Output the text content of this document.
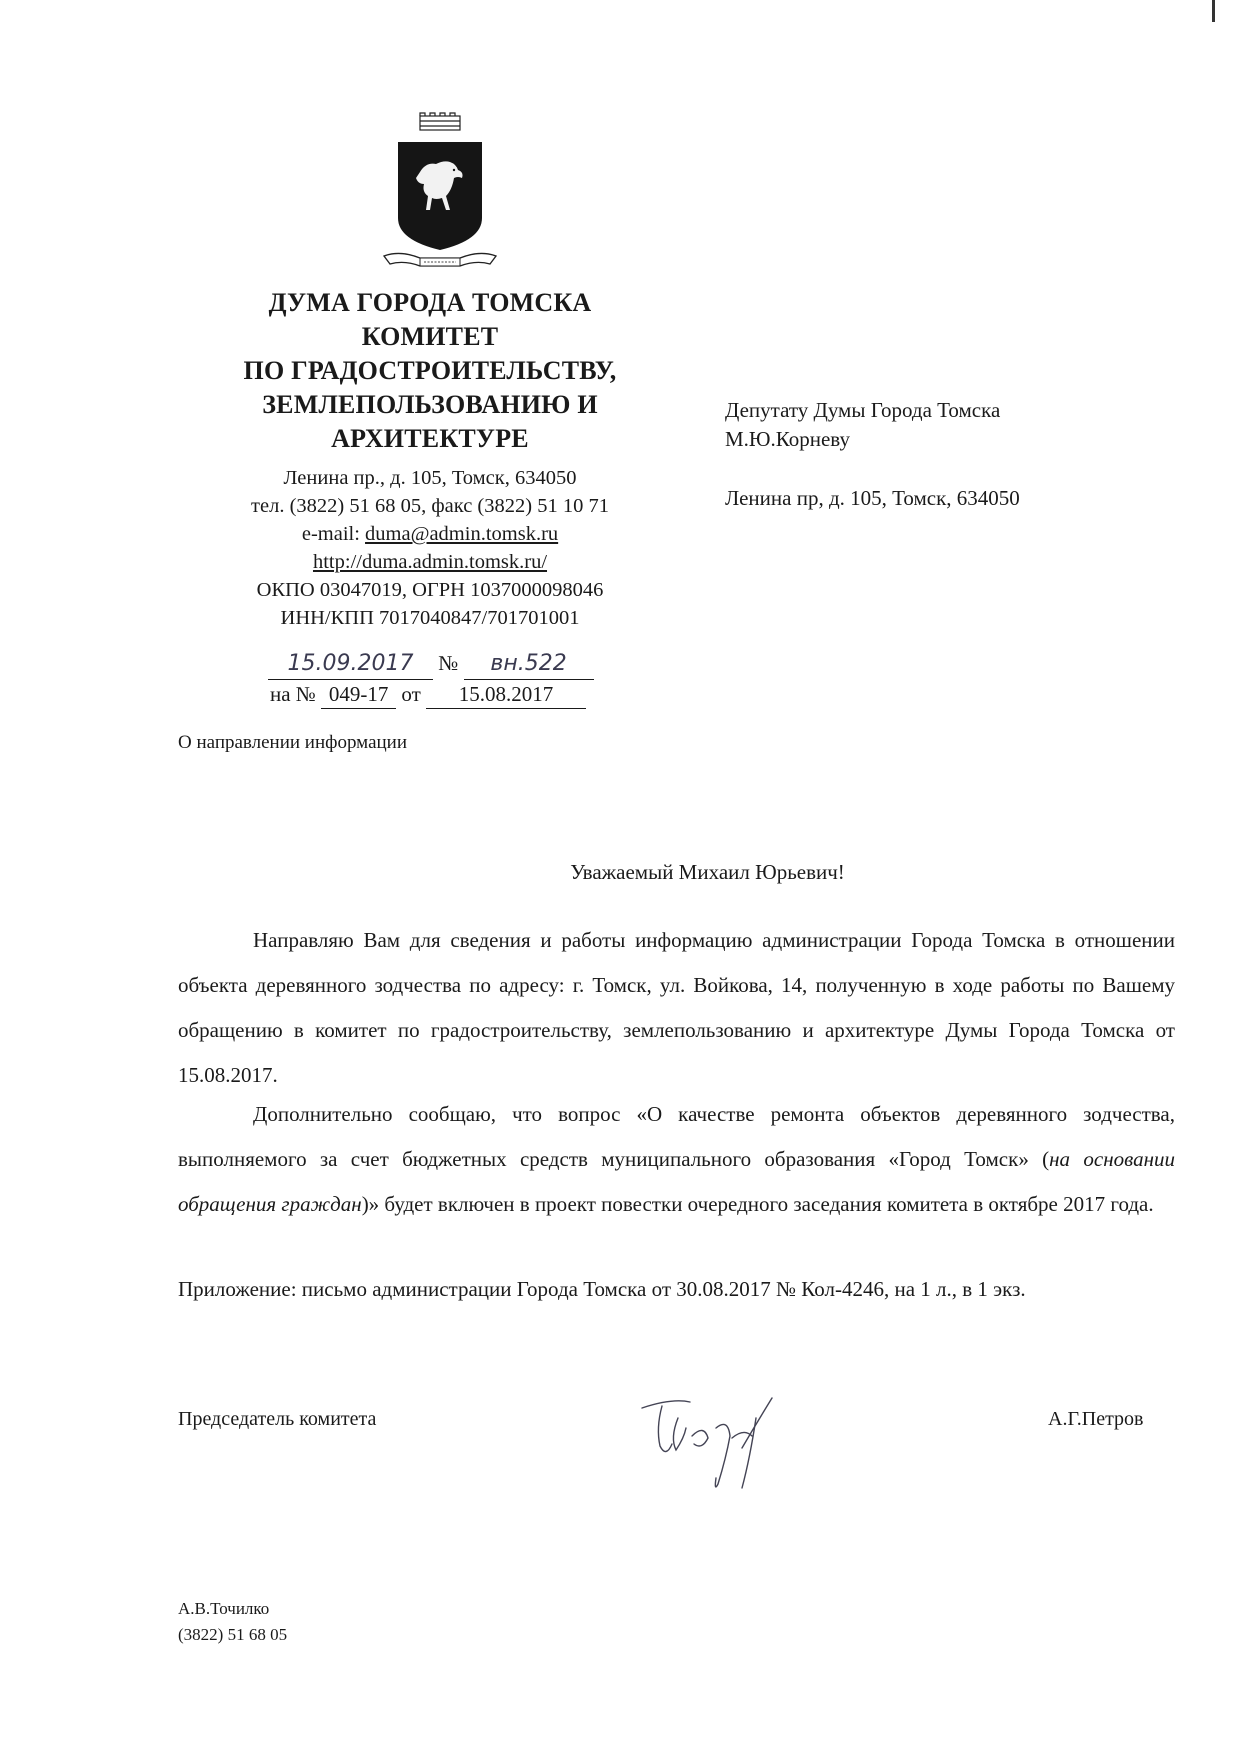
ДУМА ГОРОДА ТОМСКА
КОМИТЕТ
ПО ГРАДОСТРОИТЕЛЬСТВУ,
ЗЕМЛЕПОЛЬЗОВАНИЮ И
АРХИТЕКТУРЕ
Ленина пр., д. 105, Томск, 634050
тел. (3822) 51 68 05, факс (3822) 51 10 71
e-mail: duma@admin.tomsk.ru
http://duma.admin.tomsk.ru/
ОКПО 03047019, ОГРН 1037000098046
ИНН/КПП 7017040847/701701001
15.09.2017 № вн.522
на № 049-17 от 15.08.2017
Депутату Думы Города Томска
М.Ю.Корневу
Ленина пр, д. 105, Томск, 634050
О направлении информации
Уважаемый Михаил Юрьевич!
Направляю Вам для сведения и работы информацию администрации Города Томска в отношении объекта деревянного зодчества по адресу: г. Томск, ул. Войкова, 14, полученную в ходе работы по Вашему обращению в комитет по градостроительству, землепользованию и архитектуре Думы Города Томска от 15.08.2017.
Дополнительно сообщаю, что вопрос «О качестве ремонта объектов деревянного зодчества, выполняемого за счет бюджетных средств муниципального образования «Город Томск» (на основании обращения граждан)» будет включен в проект повестки очередного заседания комитета в октябре 2017 года.
Приложение: письмо администрации Города Томска от 30.08.2017 № Кол-4246, на 1 л., в 1 экз.
Председатель комитета	А.Г.Петров
А.В.Точилко
(3822) 51 68 05
